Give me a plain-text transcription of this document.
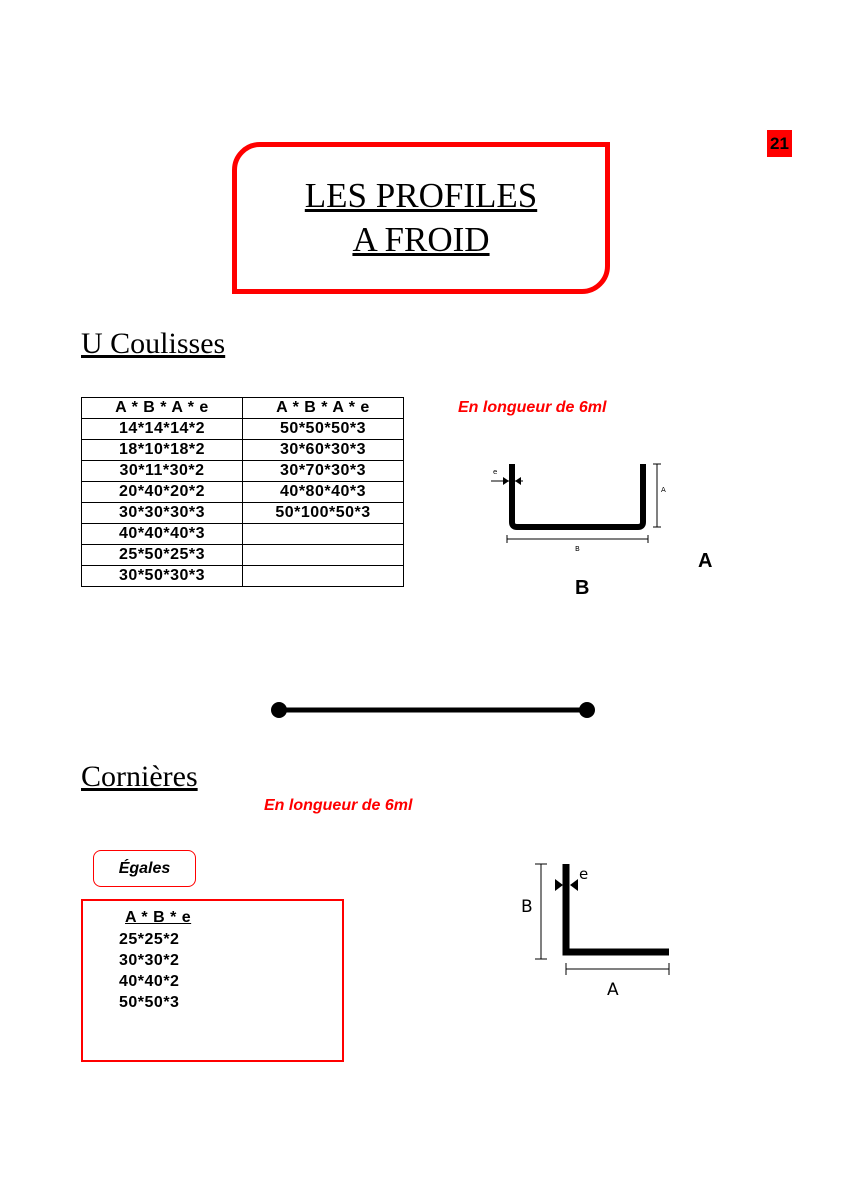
21
LES PROFILES
A FROID
U Coulisses
A * B * A * e	A * B * A * e
14*14*14*2	50*50*50*3
18*10*18*2	30*60*30*3
30*11*30*2	30*70*30*3
20*40*20*2	40*80*40*3
30*30*30*3	50*100*50*3
40*40*40*3	
25*50*25*3	
30*50*30*3	
En longueur de 6ml
A
B
e
A
B
Cornières
En longueur de 6ml
Égales
A * B * e
25*25*2
30*30*2
40*40*2
50*50*3
B
A
e
